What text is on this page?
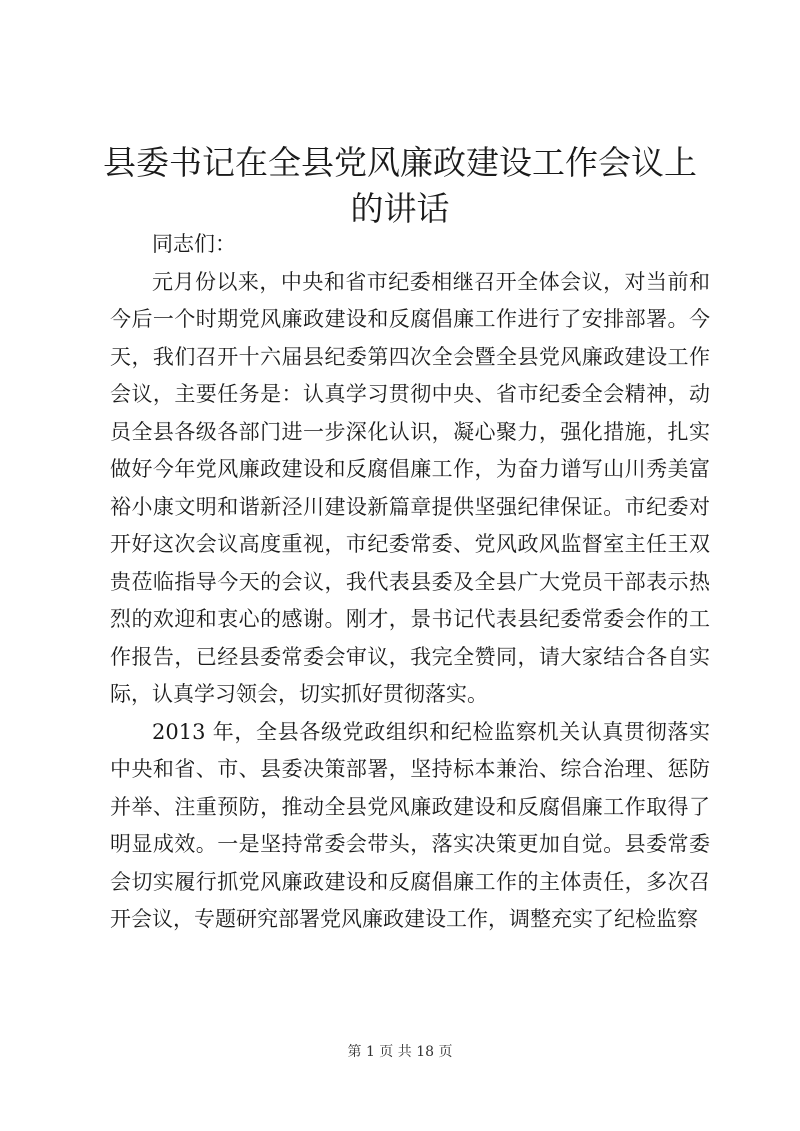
县委书记在全县党风廉政建设工作会议上的讲话

同志们：

元月份以来，中央和省市纪委相继召开全体会议，对当前和今后一个时期党风廉政建设和反腐倡廉工作进行了安排部署。今天，我们召开十六届县纪委第四次全会暨全县党风廉政建设工作会议，主要任务是：认真学习贯彻中央、省市纪委全会精神，动员全县各级各部门进一步深化认识，凝心聚力，强化措施，扎实做好今年党风廉政建设和反腐倡廉工作，为奋力谱写山川秀美富裕小康文明和谐新泾川建设新篇章提供坚强纪律保证。市纪委对开好这次会议高度重视，市纪委常委、党风政风监督室主任王双贵莅临指导今天的会议，我代表县委及全县广大党员干部表示热烈的欢迎和衷心的感谢。刚才，景书记代表县纪委常委会作的工作报告，已经县委常委会审议，我完全赞同，请大家结合各自实际，认真学习领会，切实抓好贯彻落实。

2013 年，全县各级党政组织和纪检监察机关认真贯彻落实中央和省、市、县委决策部署，坚持标本兼治、综合治理、惩防并举、注重预防，推动全县党风廉政建设和反腐倡廉工作取得了明显成效。一是坚持常委会带头，落实决策更加自觉。县委常委会切实履行抓党风廉政建设和反腐倡廉工作的主体责任，多次召开会议，专题研究部署党风廉政建设工作，调整充实了纪检监察

第 1 页 共 18 页
